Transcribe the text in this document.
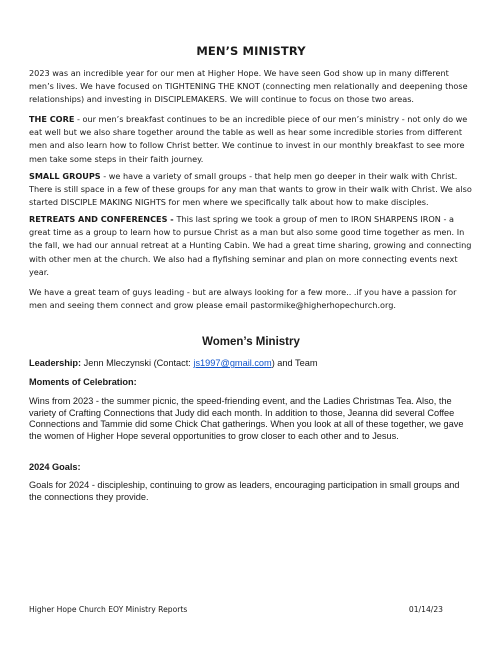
MEN’S MINISTRY

2023 was an incredible year for our men at Higher Hope. We have seen God show up in many different men’s lives. We have focused on TIGHTENING THE KNOT (connecting men relationally and deepening those relationships) and investing in DISCIPLEMAKERS. We will continue to focus on those two areas.

THE CORE - our men’s breakfast continues to be an incredible piece of our men’s ministry - not only do we eat well but we also share together around the table as well as hear some incredible stories from different men and also learn how to follow Christ better. We continue to invest in our monthly breakfast to see more men take some steps in their faith journey.

SMALL GROUPS - we have a variety of small groups - that help men go deeper in their walk with Christ. There is still space in a few of these groups for any man that wants to grow in their walk with Christ. We also started DISCIPLE MAKING NIGHTS for men where we specifically talk about how to make disciples.

RETREATS AND CONFERENCES - This last spring we took a group of men to IRON SHARPENS IRON - a great time as a group to learn how to pursue Christ as a man but also some good time together as men. In the fall, we had our annual retreat at a Hunting Cabin. We had a great time sharing, growing and connecting with other men at the church. We also had a flyfishing seminar and plan on more connecting events next year.

We have a great team of guys leading - but are always looking for a few more.. .if you have a passion for men and seeing them connect and grow please email pastormike@higherhopechurch.org.

Women’s Ministry
Leadership: Jenn Mleczynski (Contact: js1997@gmail.com) and Team
Moments of Celebration:
Wins from 2023 - the summer picnic, the speed-friending event, and the Ladies Christmas Tea. Also, the variety of Crafting Connections that Judy did each month. In addition to those, Jeanna did several Coffee Connections and Tammie did some Chick Chat gatherings. When you look at all of these together, we gave the women of Higher Hope several opportunities to grow closer to each other and to Jesus.
2024 Goals:
Goals for 2024 - discipleship, continuing to grow as leaders, encouraging participation in small groups and the connections they provide.
Higher Hope Church EOY Ministry Reports	01/14/23
